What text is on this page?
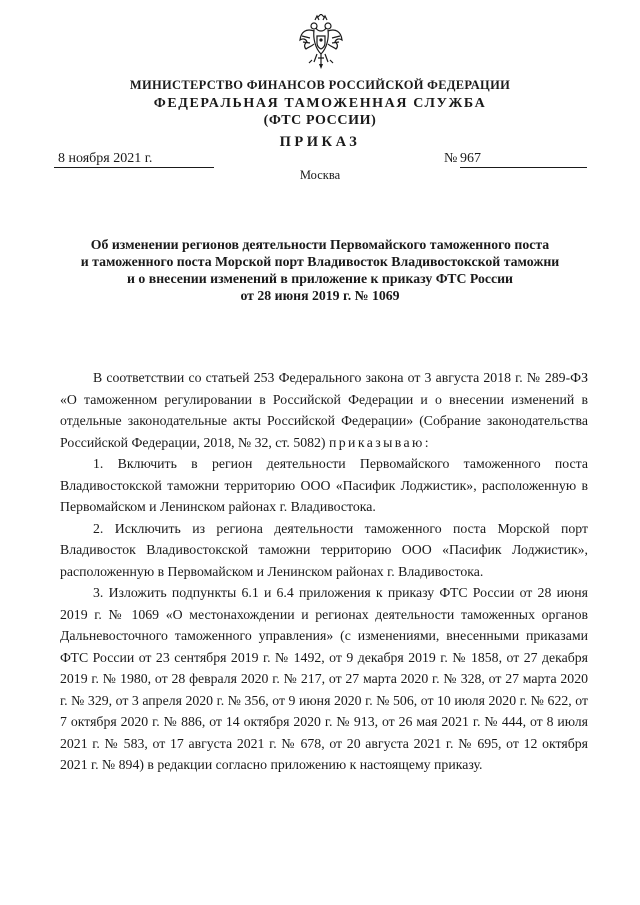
МИНИСТЕРСТВО ФИНАНСОВ РОССИЙСКОЙ ФЕДЕРАЦИИ
ФЕДЕРАЛЬНАЯ ТАМОЖЕННАЯ СЛУЖБА
(ФТС РОССИИ)
ПРИКАЗ
8 ноября 2021 г.	№ 967
Москва
Об изменении регионов деятельности Первомайского таможенного поста
и таможенного поста Морской порт Владивосток Владивостокской таможни
и о внесении изменений в приложение к приказу ФТС России
от 28 июня 2019 г. № 1069

В соответствии со статьей 253 Федерального закона от 3 августа 2018 г. № 289-ФЗ «О таможенном регулировании в Российской Федерации и о внесении изменений в отдельные законодательные акты Российской Федерации» (Собрание законодательства Российской Федерации, 2018, № 32, ст. 5082) приказываю:

1. Включить в регион деятельности Первомайского таможенного поста Владивостокской таможни территорию ООО «Пасифик Лоджистик», расположенную в Первомайском и Ленинском районах г. Владивостока.

2. Исключить из региона деятельности таможенного поста Морской порт Владивосток Владивостокской таможни территорию ООО «Пасифик Лоджистик», расположенную в Первомайском и Ленинском районах г. Владивостока.

3. Изложить подпункты 6.1 и 6.4 приложения к приказу ФТС России от 28 июня 2019 г. № 1069 «О местонахождении и регионах деятельности таможенных органов Дальневосточного таможенного управления» (с изменениями, внесенными приказами ФТС России от 23 сентября 2019 г. № 1492, от 9 декабря 2019 г. № 1858, от 27 декабря 2019 г. № 1980, от 28 февраля 2020 г. № 217, от 27 марта 2020 г. № 328, от 27 марта 2020 г. № 329, от 3 апреля 2020 г. № 356, от 9 июня 2020 г. № 506, от 10 июля 2020 г. № 622, от 7 октября 2020 г. № 886, от 14 октября 2020 г. № 913, от 26 мая 2021 г. № 444, от 8 июля 2021 г. № 583, от 17 августа 2021 г. № 678, от 20 августа 2021 г. № 695, от 12 октября 2021 г. № 894) в редакции согласно приложению к настоящему приказу.
